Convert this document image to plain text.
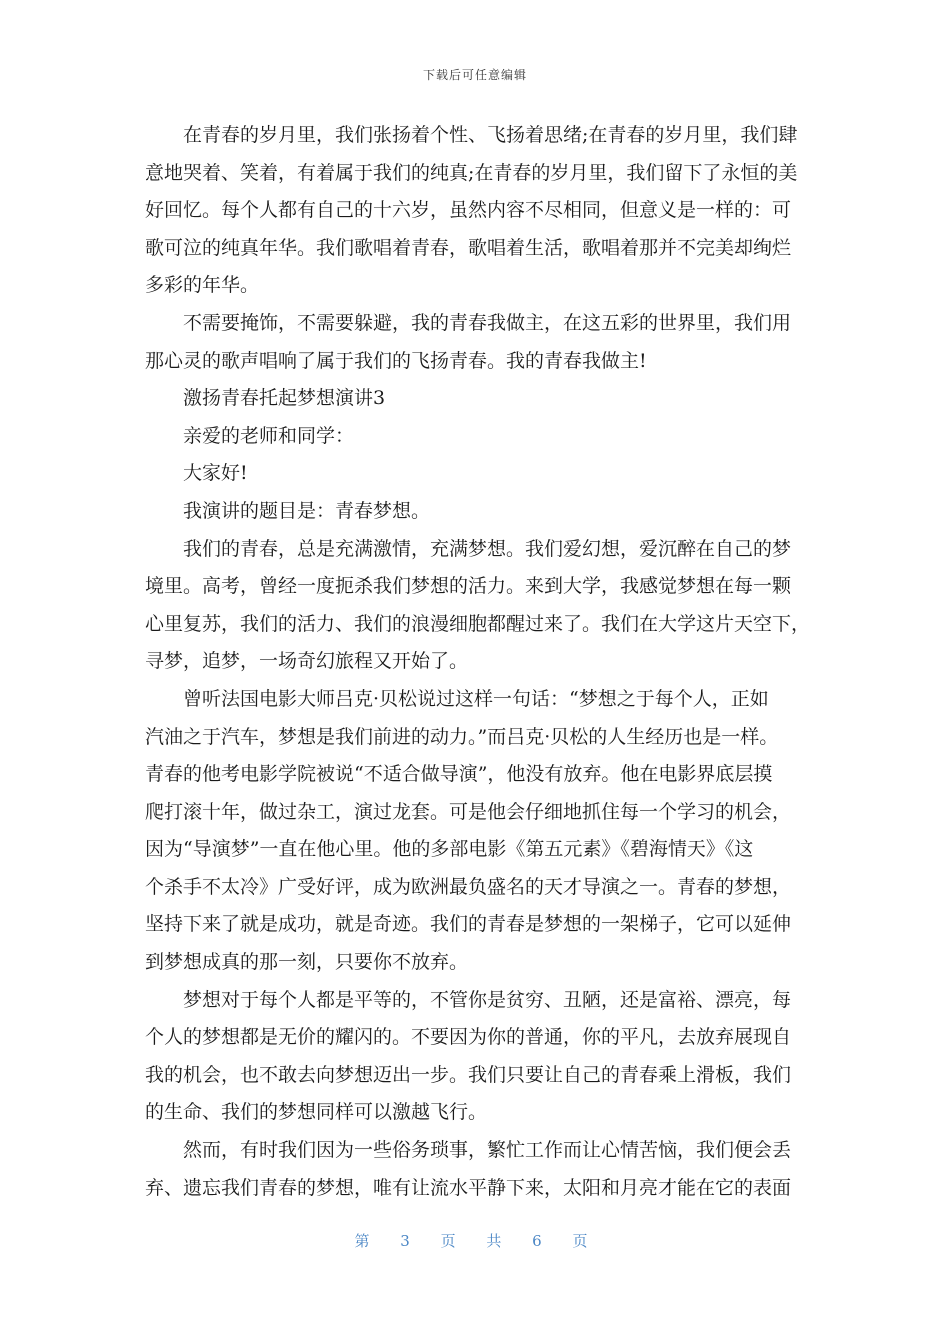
下载后可任意编辑
在青春的岁月里，我们张扬着个性、飞扬着思绪;在青春的岁月里，我们肆
意地哭着、笑着，有着属于我们的纯真;在青春的岁月里，我们留下了永恒的美
好回忆。每个人都有自己的十六岁，虽然内容不尽相同，但意义是一样的：可
歌可泣的纯真年华。我们歌唱着青春，歌唱着生活，歌唱着那并不完美却绚烂
多彩的年华。
不需要掩饰，不需要躲避，我的青春我做主，在这五彩的世界里，我们用
那心灵的歌声唱响了属于我们的飞扬青春。我的青春我做主!
激扬青春托起梦想演讲3
亲爱的老师和同学：
大家好!
我演讲的题目是：青春梦想。
我们的青春，总是充满激情，充满梦想。我们爱幻想，爱沉醉在自己的梦
境里。高考，曾经一度扼杀我们梦想的活力。来到大学，我感觉梦想在每一颗
心里复苏，我们的活力、我们的浪漫细胞都醒过来了。我们在大学这片天空下，
寻梦，追梦，一场奇幻旅程又开始了。
曾听法国电影大师吕克·贝松说过这样一句话：“梦想之于每个人，正如
汽油之于汽车，梦想是我们前进的动力。”而吕克·贝松的人生经历也是一样。
青春的他考电影学院被说“不适合做导演”，他没有放弃。他在电影界底层摸
爬打滚十年，做过杂工，演过龙套。可是他会仔细地抓住每一个学习的机会，
因为“导演梦”一直在他心里。他的多部电影《第五元素》《碧海情天》《这
个杀手不太冷》广受好评，成为欧洲最负盛名的天才导演之一。青春的梦想，
坚持下来了就是成功，就是奇迹。我们的青春是梦想的一架梯子，它可以延伸
到梦想成真的那一刻，只要你不放弃。
梦想对于每个人都是平等的，不管你是贫穷、丑陋，还是富裕、漂亮，每
个人的梦想都是无价的耀闪的。不要因为你的普通，你的平凡，去放弃展现自
我的机会，也不敢去向梦想迈出一步。我们只要让自己的青春乘上滑板，我们
的生命、我们的梦想同样可以激越飞行。
然而，有时我们因为一些俗务琐事，繁忙工作而让心情苦恼，我们便会丢
弃、遗忘我们青春的梦想，唯有让流水平静下来，太阳和月亮才能在它的表面
第 3 页 共 6 页
